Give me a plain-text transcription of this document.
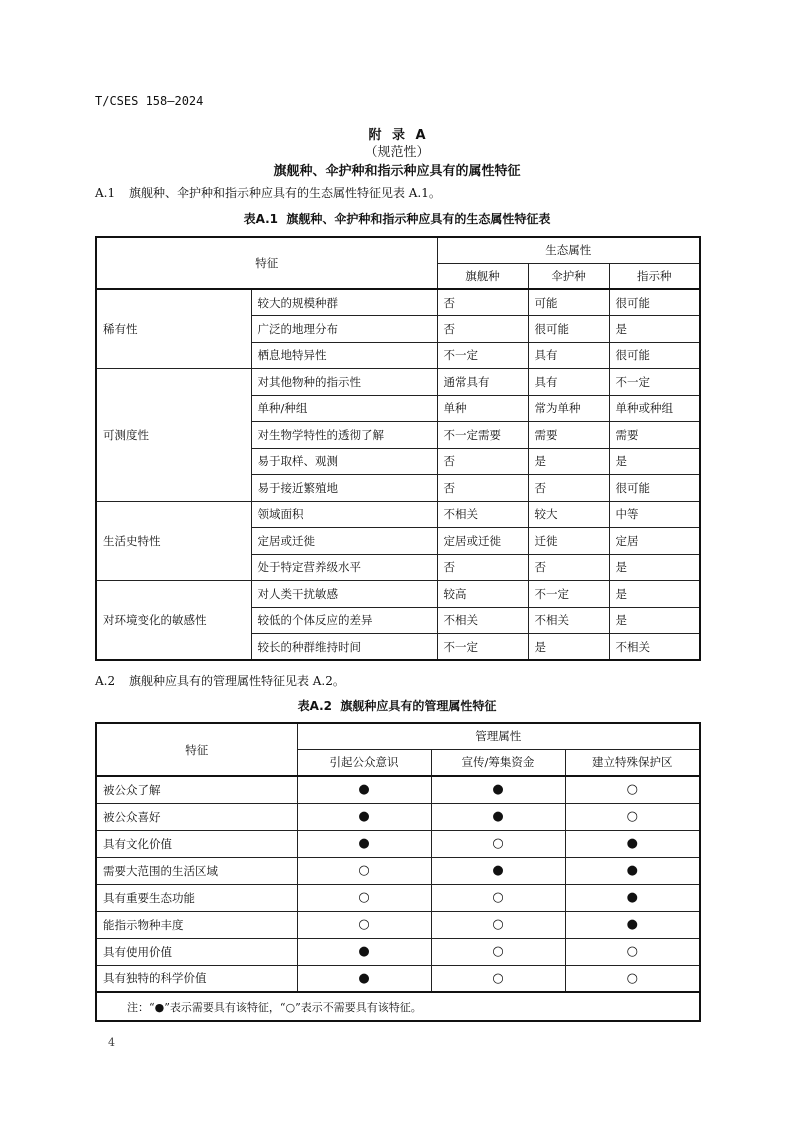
T/CSES 158—2024
附 录 A
（规范性）
旗舰种、伞护种和指示种应具有的属性特征
A.1 旗舰种、伞护种和指示种应具有的生态属性特征见表 A.1。
表A.1  旗舰种、伞护种和指示种应具有的生态属性特征表
特征		生态属性		
		旗舰种	伞护种	指示种
稀有性	较大的规模种群	否	可能	很可能
	广泛的地理分布	否	很可能	是
	栖息地特异性	不一定	具有	很可能
可测度性	对其他物种的指示性	通常具有	具有	不一定
	单种/种组	单种	常为单种	单种或种组
	对生物学特性的透彻了解	不一定需要	需要	需要
	易于取样、观测	否	是	是
	易于接近繁殖地	否	否	很可能
生活史特性	领域面积	不相关	较大	中等
	定居或迁徙	定居或迁徙	迁徙	定居
	处于特定营养级水平	否	否	是
对环境变化的敏感性	对人类干扰敏感	较高	不一定	是
	较低的个体反应的差异	不相关	不相关	是
	较长的种群维持时间	不一定	是	不相关
A.2 旗舰种应具有的管理属性特征见表 A.2。
表A.2  旗舰种应具有的管理属性特征
特征	管理属性		
	引起公众意识	宣传/筹集资金	建立特殊保护区
被公众了解	●	●	○
被公众喜好	●	●	○
具有文化价值	●	○	●
需要大范围的生活区域	○	●	●
具有重要生态功能	○	○	●
能指示物种丰度	○	○	●
具有使用价值	●	○	○
具有独特的科学价值	●	○	○
注：“●”表示需要具有该特征，“○”表示不需要具有该特征。			
4
